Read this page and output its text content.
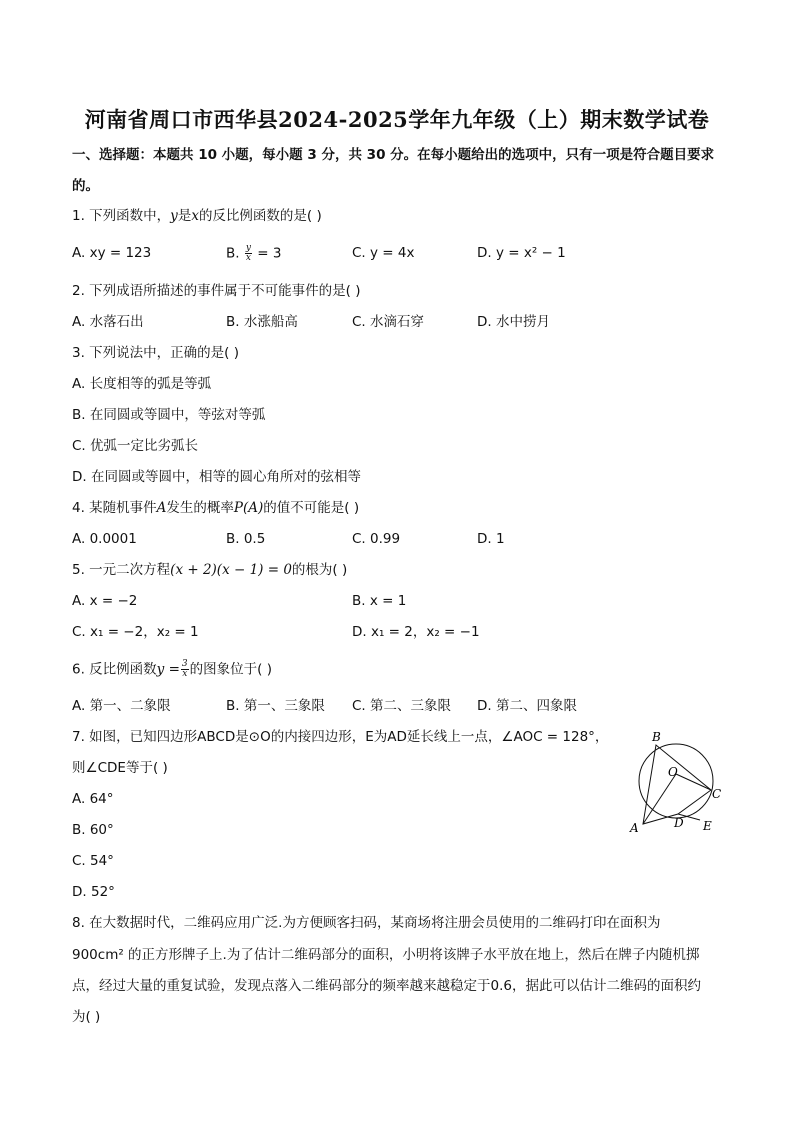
河南省周口市西华县2024-2025学年九年级（上）期末数学试卷
一、选择题：本题共 10 小题，每小题 3 分，共 30 分。在每小题给出的选项中，只有一项是符合题目要求
的。
1. 下列函数中，y是x的反比例函数的是( )
A. xy = 123	B. $\frac{y}{x} = 3$	C. y = 4x	D. y = x² − 1
2. 下列成语所描述的事件属于不可能事件的是( )
A. 水落石出	B. 水涨船高	C. 水滴石穿	D. 水中捞月
3. 下列说法中，正确的是( )
A. 长度相等的弧是等弧
B. 在同圆或等圆中，等弦对等弧
C. 优弧一定比劣弧长
D. 在同圆或等圆中，相等的圆心角所对的弦相等
4. 某随机事件A发生的概率P(A)的值不可能是( )
A. 0.0001	B. 0.5	C. 0.99	D. 1
5. 一元二次方程(x + 2)(x − 1) = 0的根为( )
A. x = −2	B. x = 1
C. x₁ = −2，x₂ = 1	D. x₁ = 2，x₂ = −1
6. 反比例函数$y = \frac{3}{x}$ 的图象位于( )
A. 第一、二象限	B. 第一、三象限 C. 第二、三象限 D. 第二、四象限
7. 如图，已知四边形ABCD是⊙O的内接四边形，E为AD延长线上一点，∠AOC = 128°，
则∠CDE等于( )
A. 64°
B. 60°
C. 54°
D. 52°
B
O
A
C
D E
8. 在大数据时代，二维码应用广泛.为方便顾客扫码，某商场将注册会员使用的二维码打印在面积为
900cm² 的正方形牌子上.为了估计二维码部分的面积，小明将该牌子水平放在地上，然后在牌子内随机掷
点，经过大量的重复试验，发现点落入二维码部分的频率越来越稳定于0.6，据此可以估计二维码的面积约
为( )
